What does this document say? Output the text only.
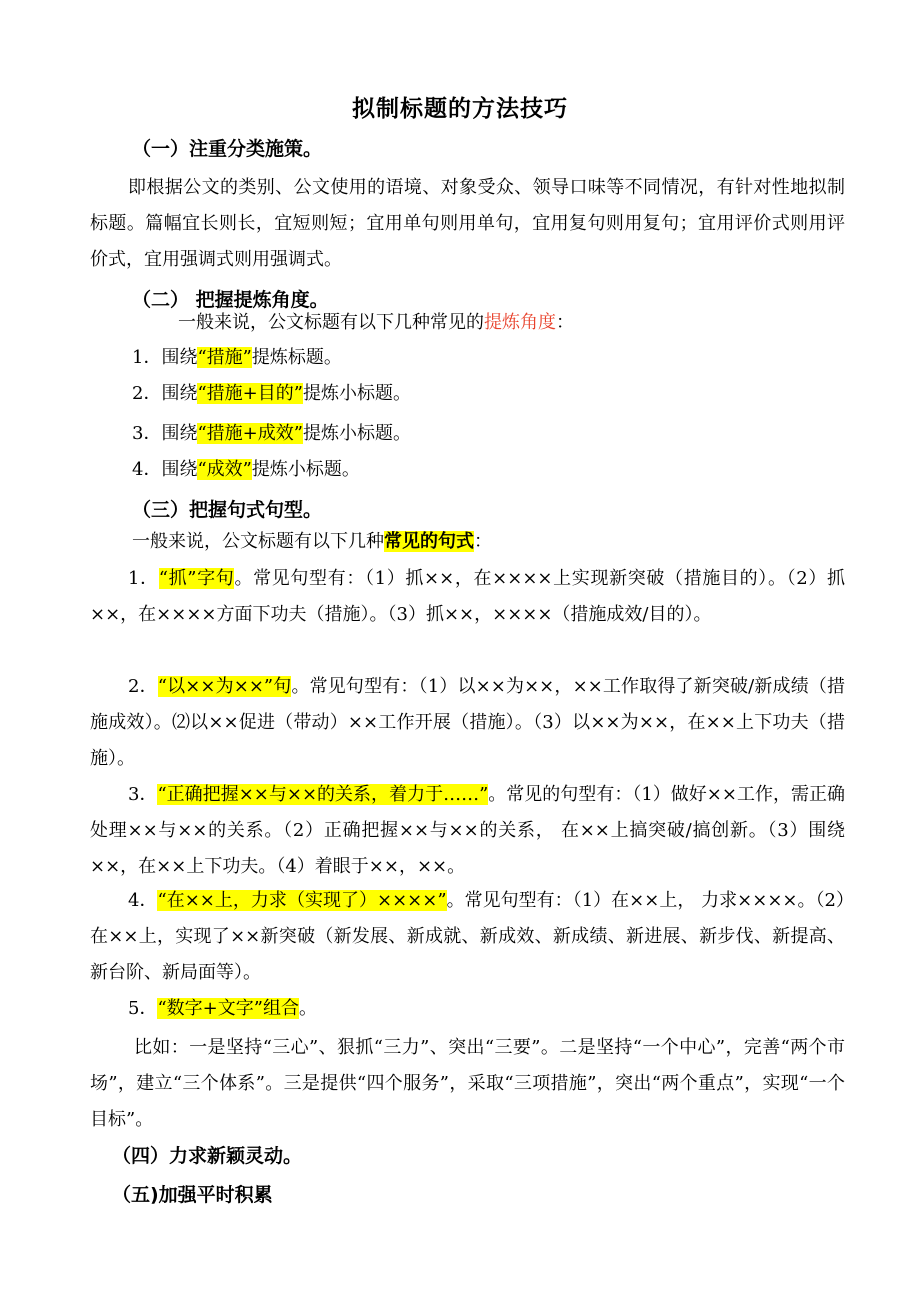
拟制标题的方法技巧
（一）注重分类施策。
即根据公文的类别、公文使用的语境、对象受众、领导口味等不同情况，有针对性地拟制标题。篇幅宜长则长，宜短则短；宜用单句则用单句，宜用复句则用复句；宜用评价式则用评价式，宜用强调式则用强调式。
（二） 把握提炼角度。
一般来说，公文标题有以下几种常见的提炼角度：
1．围绕“措施”提炼标题。
2．围绕“措施+目的”提炼小标题。
3．围绕“措施+成效”提炼小标题。
4．围绕“成效”提炼小标题。
（三）把握句式句型。
一般来说，公文标题有以下几种常见的句式：
1．“抓”字句。常见句型有：（1）抓××，在××××上实现新突破（措施目的）。（2）抓××，在××××方面下功夫（措施）。（3）抓××，××××（措施成效/目的）。
2．“以××为××”句。常见句型有：（1）以××为××，××工作取得了新突破/新成绩（措施成效）。⑵以××促进（带动）××工作开展（措施）。（3）以××为××，在××上下功夫（措施）。
3．“正确把握××与××的关系，着力于……”。常见的句型有：（1）做好××工作，需正确处理××与××的关系。（2）正确把握××与××的关系， 在××上搞突破/搞创新。（3）围绕××，在××上下功夫。（4）着眼于××，××。
4．“在××上，力求（实现了）××××”。常见句型有：（1）在××上， 力求××××。（2）在××上，实现了××新突破（新发展、新成就、新成效、新成绩、新进展、新步伐、新提高、新台阶、新局面等）。
5．“数字+文字”组合。
比如：一是坚持“三心”、狠抓“三力”、突出“三要”。二是坚持“一个中心”，完善“两个市场”，建立“三个体系”。三是提供“四个服务”，采取“三项措施”，突出“两个重点”，实现“一个目标”。
（四）力求新颖灵动。
（五)加强平时积累
